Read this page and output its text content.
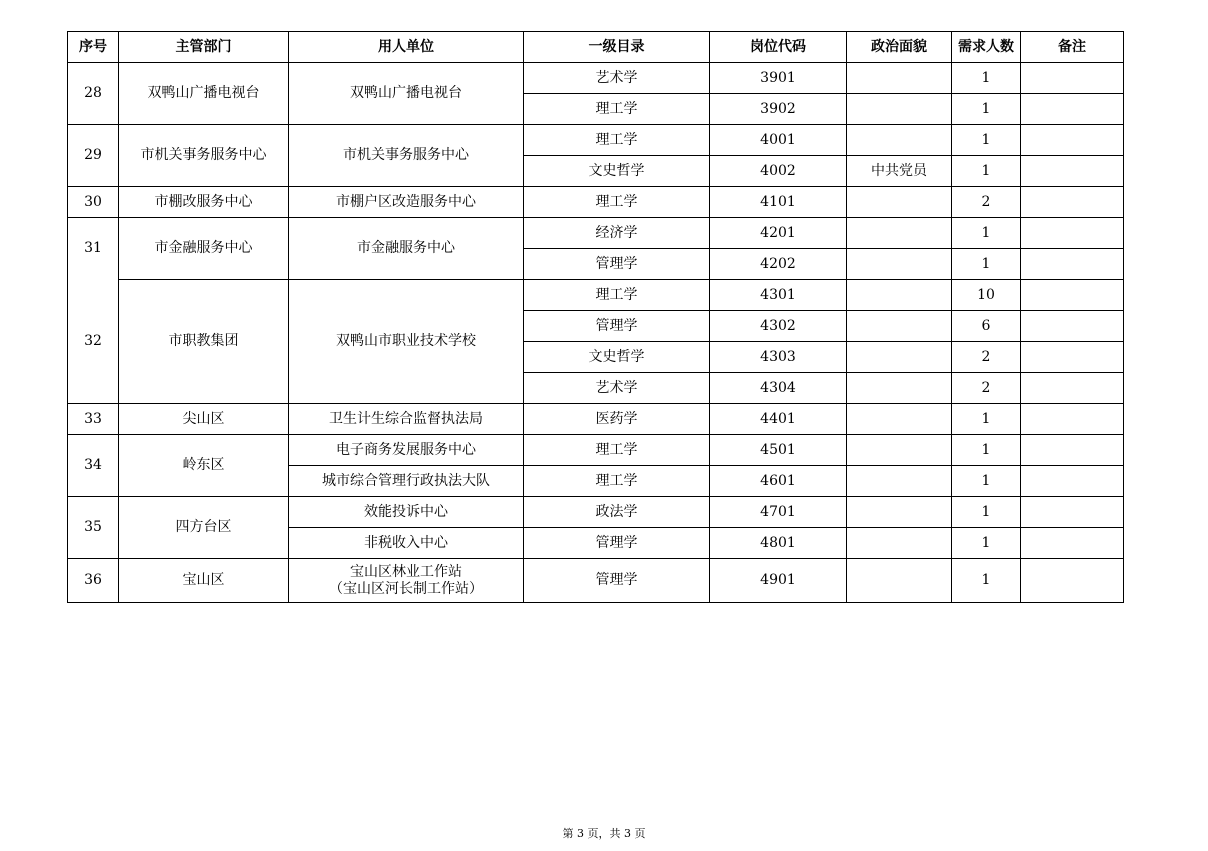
序号	主管部门	用人单位	一级目录	岗位代码	政治面貌	需求人数	备注
28	双鸭山广播电视台	双鸭山广播电视台	艺术学	3901		1	
			理工学	3902		1	
29	市机关事务服务中心	市机关事务服务中心	理工学	4001		1	
			文史哲学	4002	中共党员	1	
30	市棚改服务中心	市棚户区改造服务中心	理工学	4101		2	
31	市金融服务中心	市金融服务中心	经济学	4201		1	
			管理学	4202		1	
32	市职教集团	双鸭山市职业技术学校	理工学	4301		10	
			管理学	4302		6	
			文史哲学	4303		2	
			艺术学	4304		2	
33	尖山区	卫生计生综合监督执法局	医药学	4401		1	
34	岭东区	电子商务发展服务中心	理工学	4501		1	
		城市综合管理行政执法大队	理工学	4601		1	
35	四方台区	效能投诉中心	政法学	4701		1	
		非税收入中心	管理学	4801		1	
36	宝山区	宝山区林业工作站
（宝山区河长制工作站）	管理学	4901		1	
第 3 页，共 3 页
